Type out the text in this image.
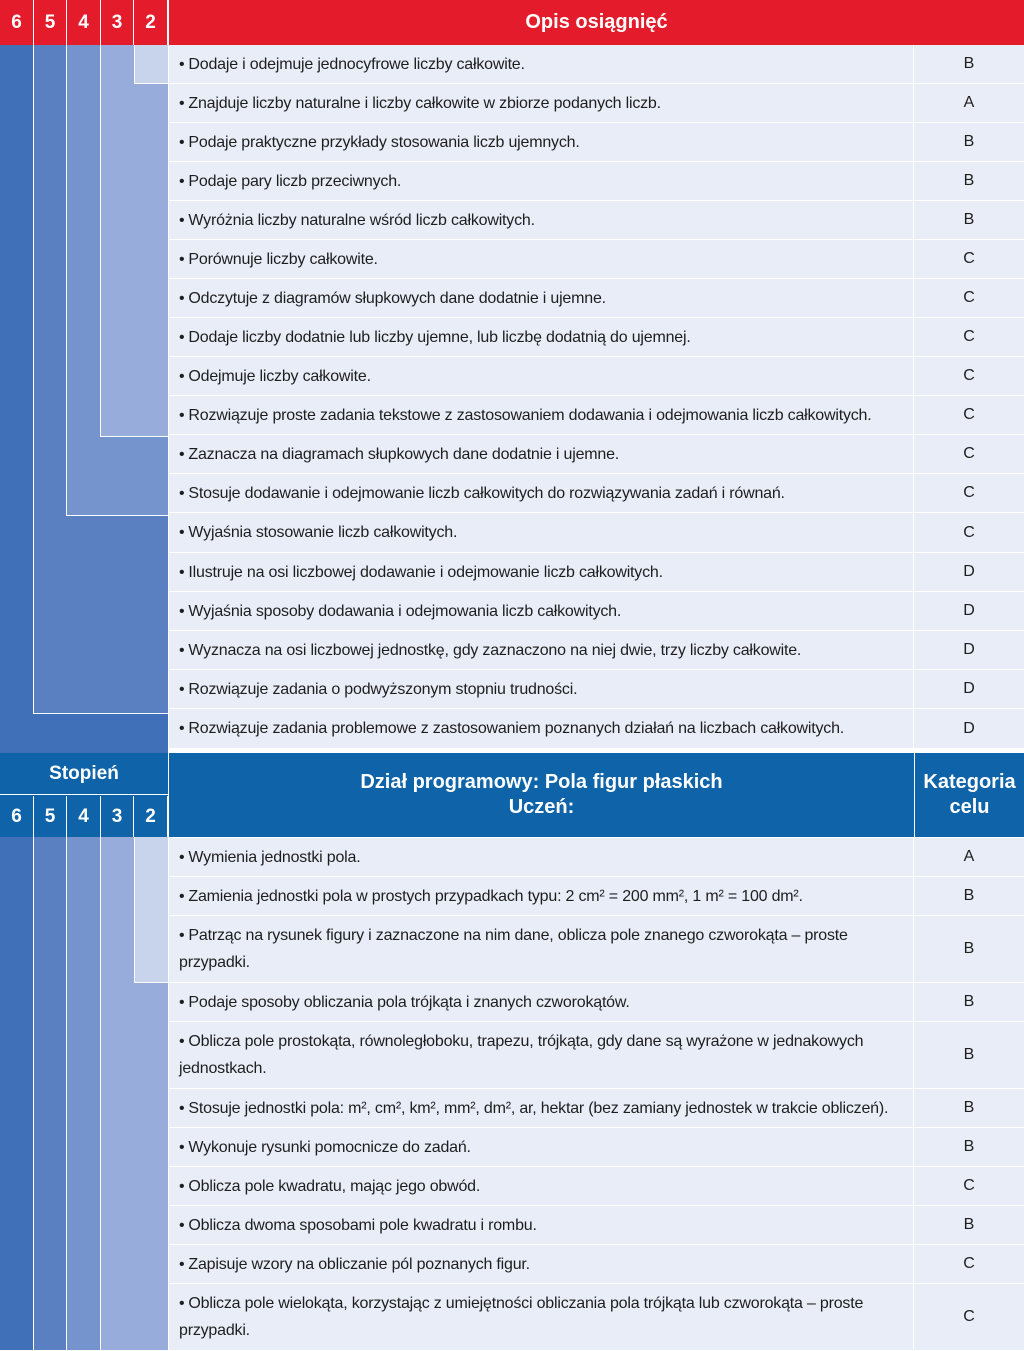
6	5	4	3	2	Opis osiągnięć
• Dodaje i odejmuje jednocyfrowe liczby całkowite.	B
• Znajduje liczby naturalne i liczby całkowite w zbiorze podanych liczb.	A
• Podaje praktyczne przykłady stosowania liczb ujemnych.	B
• Podaje pary liczb przeciwnych.	B
• Wyróżnia liczby naturalne wśród liczb całkowitych.	B
• Porównuje liczby całkowite.	C
• Odczytuje z diagramów słupkowych dane dodatnie i ujemne.	C
• Dodaje liczby dodatnie lub liczby ujemne, lub liczbę dodatnią do ujemnej.	C
• Odejmuje liczby całkowite.	C
• Rozwiązuje proste zadania tekstowe z zastosowaniem dodawania i odejmowania liczb całkowitych.	C
• Zaznacza na diagramach słupkowych dane dodatnie i ujemne.	C
• Stosuje dodawanie i odejmowanie liczb całkowitych do rozwiązywania zadań i równań.	C
• Wyjaśnia stosowanie liczb całkowitych.	C
• Ilustruje na osi liczbowej dodawanie i odejmowanie liczb całkowitych.	D
• Wyjaśnia sposoby dodawania i odejmowania liczb całkowitych.	D
• Wyznacza na osi liczbowej jednostkę, gdy zaznaczono na niej dwie, trzy liczby całkowite.	D
• Rozwiązuje zadania o podwyższonym stopniu trudności.	D
• Rozwiązuje zadania problemowe z zastosowaniem poznanych działań na liczbach całkowitych.	D
Stopień
6	5	4	3	2
Dział programowy: Pola figur płaskich
Uczeń:
Kategoria
celu
• Wymienia jednostki pola.	A
• Zamienia jednostki pola w prostych przypadkach typu: 2 cm² = 200 mm², 1 m² = 100 dm².	B
• Patrząc na rysunek figury i zaznaczone na nim dane, oblicza pole znanego czworokąta – proste przypadki.
B
• Podaje sposoby obliczania pola trójkąta i znanych czworokątów.	B
• Oblicza pole prostokąta, równoległoboku, trapezu, trójkąta, gdy dane są wyrażone w jednakowych jednostkach.
B
• Stosuje jednostki pola: m², cm², km², mm², dm², ar, hektar (bez zamiany jednostek w trakcie obliczeń).	B
• Wykonuje rysunki pomocnicze do zadań.	B
• Oblicza pole kwadratu, mając jego obwód.	C
• Oblicza dwoma sposobami pole kwadratu i rombu.	B
• Zapisuje wzory na obliczanie pól poznanych figur.	C
• Oblicza pole wielokąta, korzystając z umiejętności obliczania pola trójkąta lub czworokąta – proste przypadki.
C
